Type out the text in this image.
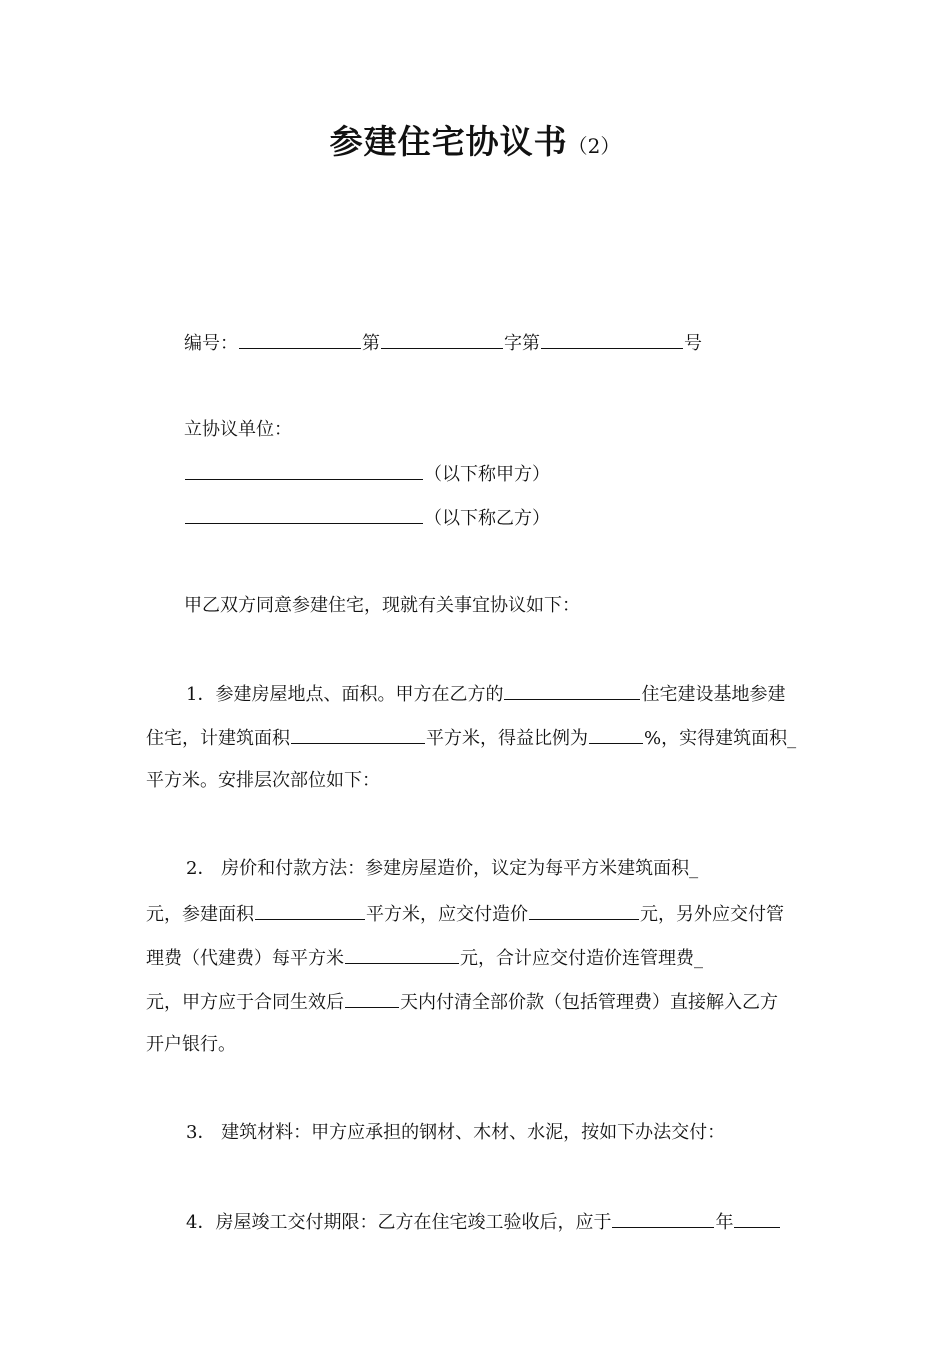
参建住宅协议书（2）
编号：	第	字第	号
立协议单位：
（以下称甲方）
（以下称乙方）
甲乙双方同意参建住宅，现就有关事宜协议如下：
1．参建房屋地点、面积。甲方在乙方的	住宅建设基地参建
住宅，计建筑面积	平方米，得益比例为	%，实得建筑面积_
平方米。安排层次部位如下：
2． 房价和付款方法：参建房屋造价，议定为每平方米建筑面积_
元，参建面积	平方米，应交付造价	元，另外应交付管
理费（代建费）每平方米	元，合计应交付造价连管理费_
元，甲方应于合同生效后	天内付清全部价款（包括管理费）直接解入乙方
开户银行。
3． 建筑材料：甲方应承担的钢材、木材、水泥，按如下办法交付：
4．房屋竣工交付期限：乙方在住宅竣工验收后，应于	年
